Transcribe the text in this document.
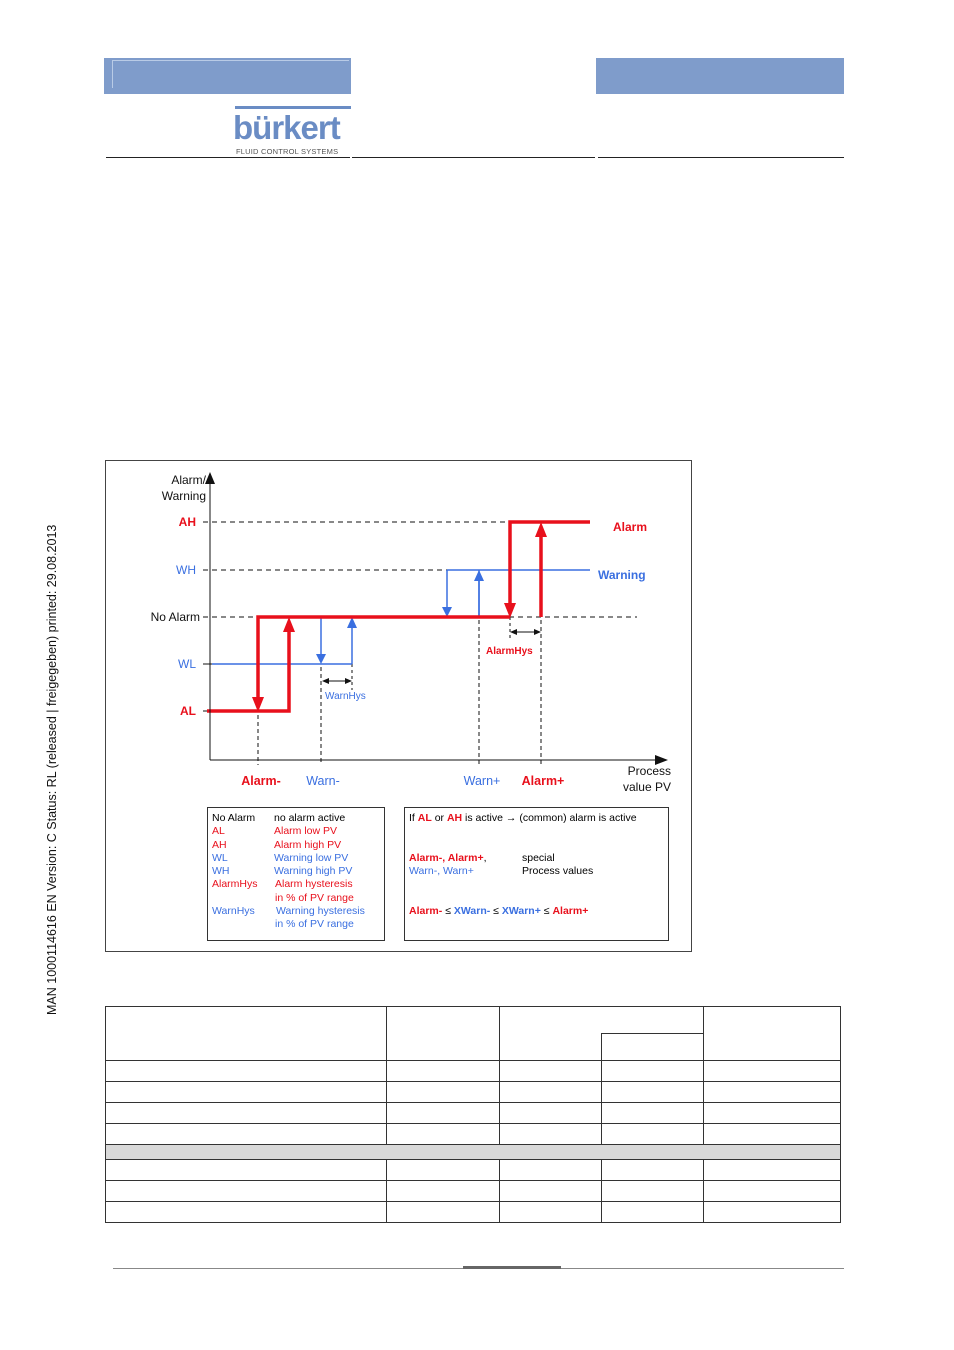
bürkert
FLUID CONTROL SYSTEMS
MAN 1000114616 EN Version: C Status: RL (released | freigegeben) printed: 29.08.2013
Alarm/
Warning
Process
value PV
AH
WH
No Alarm
WL
AL
Alarm
Warning
AlarmHys
WarnHys
Alarm- Warn-	Warn+ Alarm+
No Alarm no alarm active
AL	Alarm low PV
AH	Alarm high PV
WL	Warning low PV
WH	Warning high PV
AlarmHys Alarm hysteresis
in % of PV range
WarnHys Warning hysteresis
in % of PV range
If AL or AH is active → (common) alarm is active
Alarm-, Alarm+,	special
Warn-, Warn+	Process values
Alarm- ≤ XWarn- ≤ XWarn+ ≤ Alarm+
